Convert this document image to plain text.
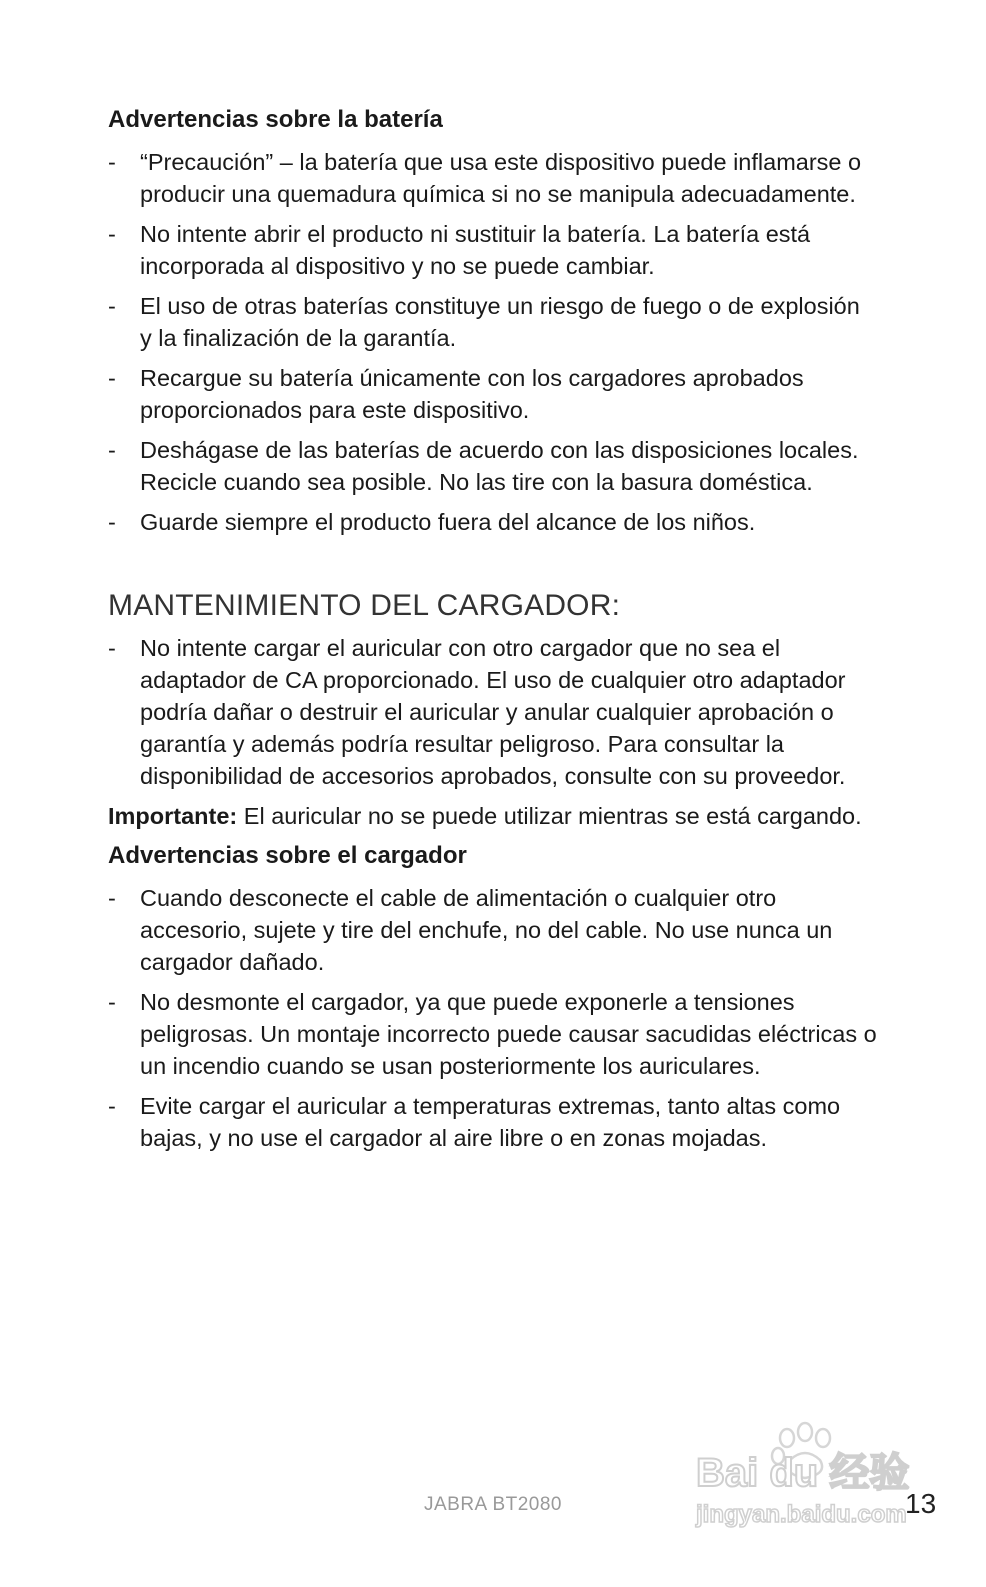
Advertencias sobre la batería
- “Precaución” – la batería que usa este dispositivo puede inflamarse o producir una quemadura química si no se manipula adecuadamente.
- No intente abrir el producto ni sustituir la batería. La batería está incorporada al dispositivo y no se puede cambiar.
- El uso de otras baterías constituye un riesgo de fuego o de explosión y la finalización de la garantía.
- Recargue su batería únicamente con los cargadores aprobados proporcionados para este dispositivo.
- Deshágase de las baterías de acuerdo con las disposiciones locales. Recicle cuando sea posible. No las tire con la basura doméstica.
- Guarde siempre el producto fuera del alcance de los niños.
MANTENIMIENTO DEL CARGADOR:
- No intente cargar el auricular con otro cargador que no sea el adaptador de CA proporcionado. El uso de cualquier otro adaptador podría dañar o destruir el auricular y anular cualquier aprobación o garantía y además podría resultar peligroso. Para consultar la disponibilidad de accesorios aprobados, consulte con su proveedor.

Importante: El auricular no se puede utilizar mientras se está cargando.

Advertencias sobre el cargador
- Cuando desconecte el cable de alimentación o cualquier otro accesorio, sujete y tire del enchufe, no del cable. No use nunca un cargador dañado.
- No desmonte el cargador, ya que puede exponerle a tensiones peligrosas. Un montaje incorrecto puede causar sacudidas eléctricas o un incendio cuando se usan posteriormente los auriculares.
- Evite cargar el auricular a temperaturas extremas, tanto altas como bajas, y no use el cargador al aire libre o en zonas mojadas.
JABRA BT2080
Bai du 经验
jingyan.baidu.com
13
